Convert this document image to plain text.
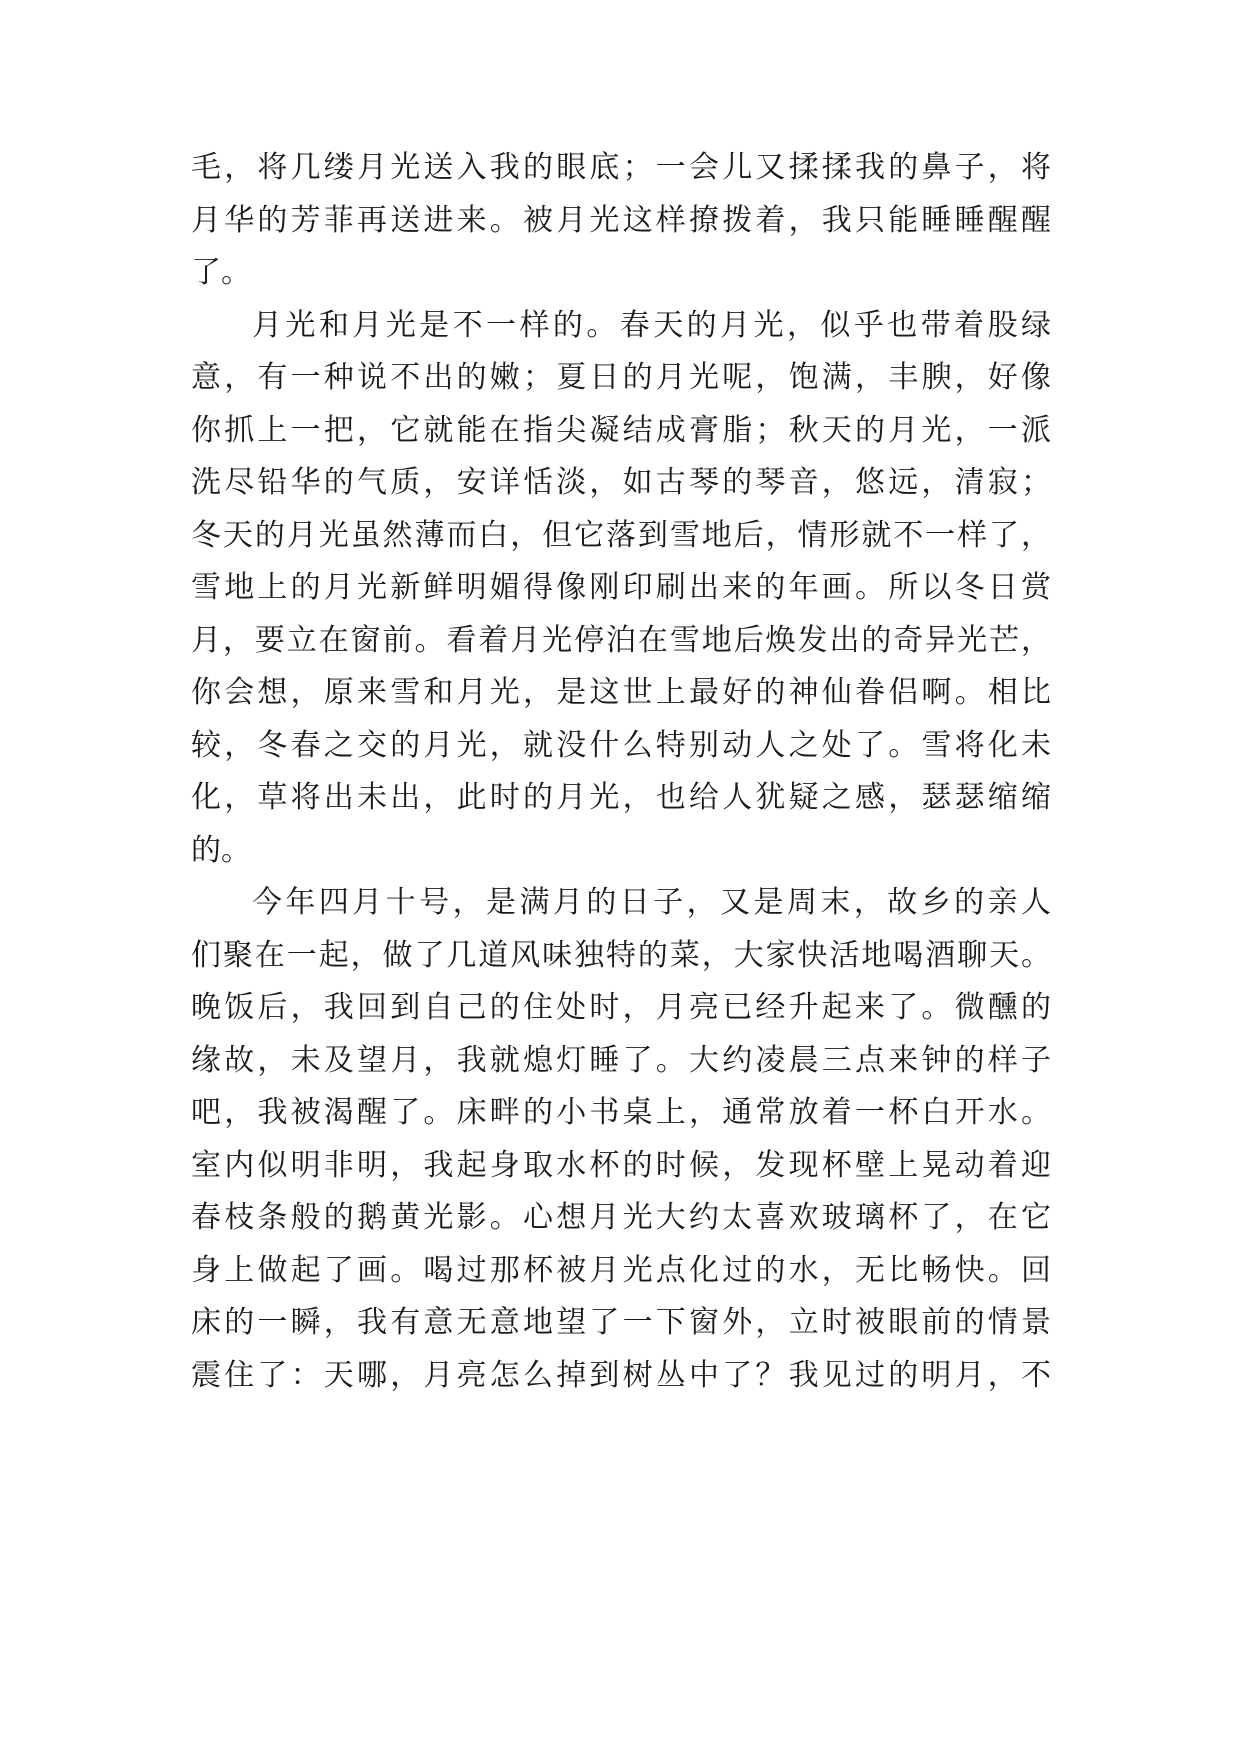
毛，将几缕月光送入我的眼底；一会儿又揉揉我的鼻子，将
月华的芳菲再送进来。被月光这样撩拨着，我只能睡睡醒醒
了。
月光和月光是不一样的。春天的月光，似乎也带着股绿
意，有一种说不出的嫩；夏日的月光呢，饱满，丰腴，好像
你抓上一把，它就能在指尖凝结成膏脂；秋天的月光，一派
洗尽铅华的气质，安详恬淡，如古琴的琴音，悠远，清寂；
冬天的月光虽然薄而白，但它落到雪地后，情形就不一样了，
雪地上的月光新鲜明媚得像刚印刷出来的年画。所以冬日赏
月，要立在窗前。看着月光停泊在雪地后焕发出的奇异光芒，
你会想，原来雪和月光，是这世上最好的神仙眷侣啊。相比
较，冬春之交的月光，就没什么特别动人之处了。雪将化未
化，草将出未出，此时的月光，也给人犹疑之感，瑟瑟缩缩
的。
今年四月十号，是满月的日子，又是周末，故乡的亲人
们聚在一起，做了几道风味独特的菜，大家快活地喝酒聊天。
晚饭后，我回到自己的住处时，月亮已经升起来了。微醺的
缘故，未及望月，我就熄灯睡了。大约凌晨三点来钟的样子
吧，我被渴醒了。床畔的小书桌上，通常放着一杯白开水。
室内似明非明，我起身取水杯的时候，发现杯壁上晃动着迎
春枝条般的鹅黄光影。心想月光大约太喜欢玻璃杯了，在它
身上做起了画。喝过那杯被月光点化过的水，无比畅快。回
床的一瞬，我有意无意地望了一下窗外，立时被眼前的情景
震住了：天哪，月亮怎么掉到树丛中了？我见过的明月，不
